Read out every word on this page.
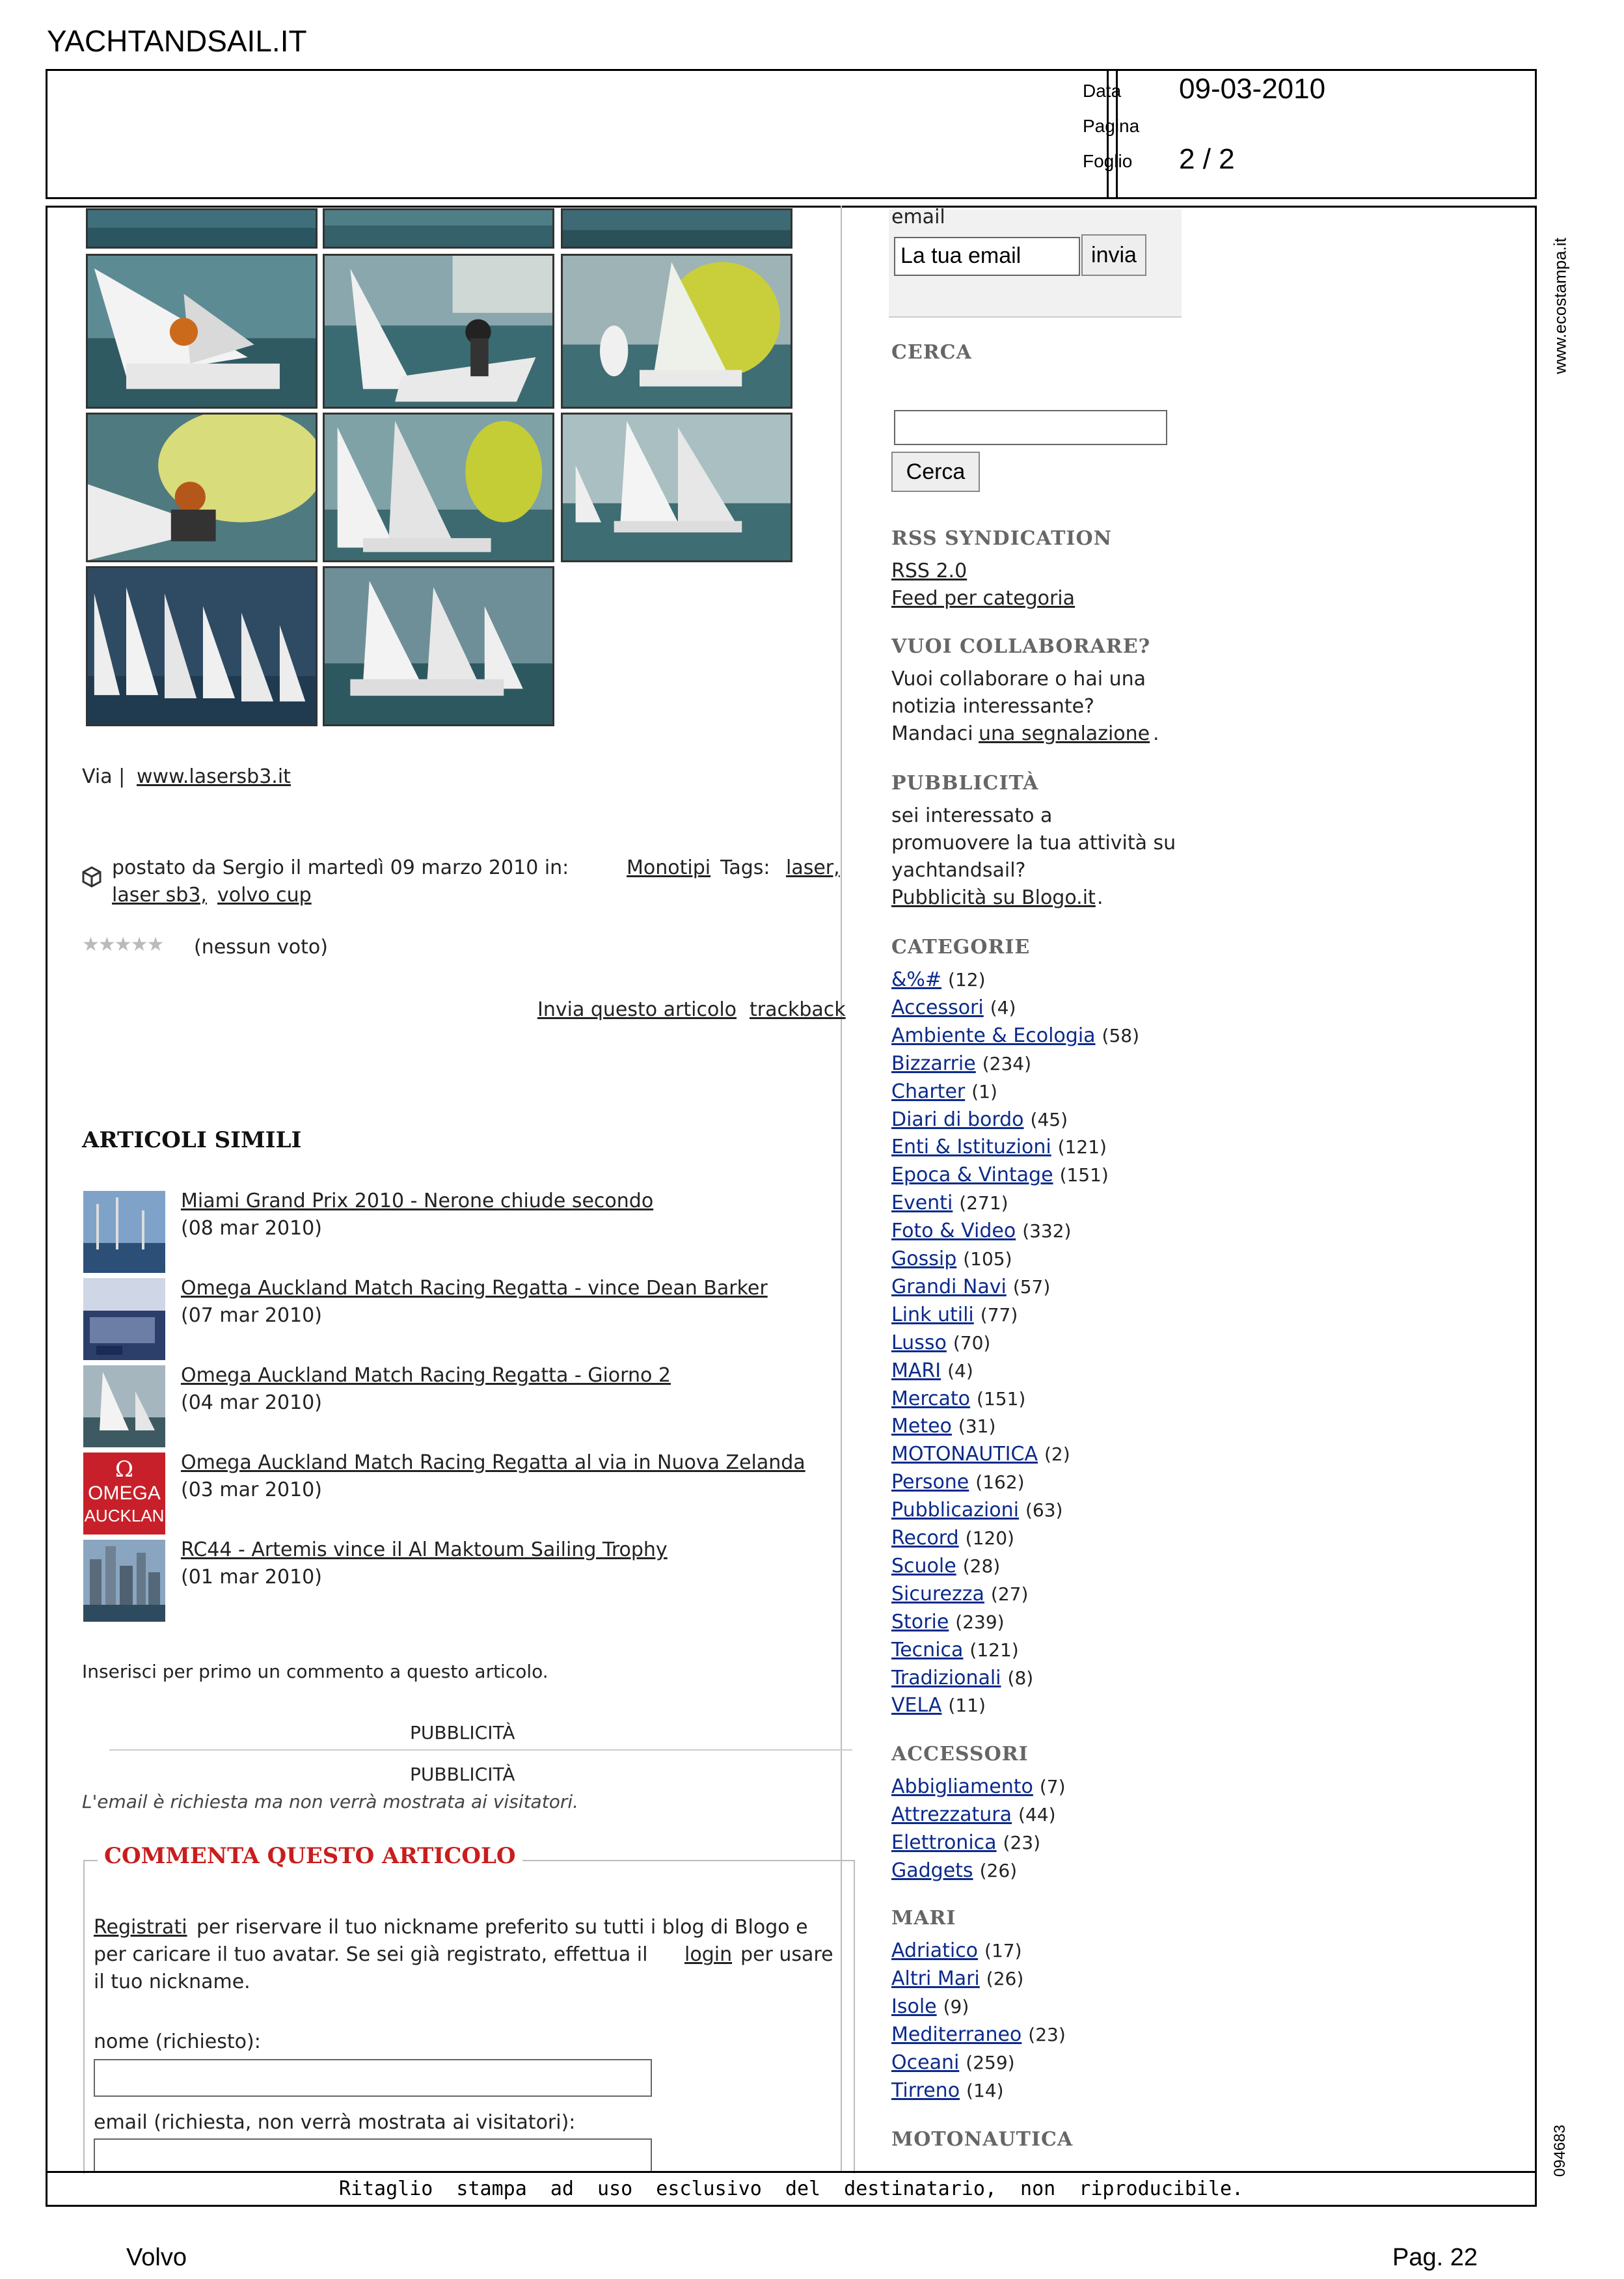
YACHTANDSAIL.IT
Data 09-03-2010
Pagina
Foglio 2 / 2
Via | www.lasersb3.it
postato da Sergio il martedì 09 marzo 2010 in:	Monotipi Tags: laser,
laser sb3, volvo cup
★★★★★ (nessun voto)
Invia questo articolo trackback
ARTICOLI SIMILI
Miami Grand Prix 2010 - Nerone chiude secondo
(08 mar 2010)
Omega Auckland Match Racing Regatta - vince Dean Barker
(07 mar 2010)
Omega Auckland Match Racing Regatta - Giorno 2
(04 mar 2010)
Ω
OMEGA
AUCKLAN
Omega Auckland Match Racing Regatta al via in Nuova Zelanda
(03 mar 2010)
RC44 - Artemis vince il Al Maktoum Sailing Trophy
(01 mar 2010)
Inserisci per primo un commento a questo articolo.
PUBBLICITÀ
PUBBLICITÀ
L'email è richiesta ma non verrà mostrata ai visitatori.
COMMENTA QUESTO ARTICOLO
Registrati per riservare il tuo nickname preferito su tutti i blog di Blogo e
per caricare il tuo avatar. Se sei già registrato, effettua il login per usare
il tuo nickname.
nome (richiesto):
email (richiesta, non verrà mostrata ai visitatori):
email
La tua email	invia
CERCA
Cerca
RSS SYNDICATION
RSS 2.0
Feed per categoria
VUOI COLLABORARE?
Vuoi collaborare o hai una
notizia interessante?
Mandaci una segnalazione .
PUBBLICITÀ
sei interessato a
promuovere la tua attività su
yachtandsail?
Pubblicità su Blogo.it .
CATEGORIE
&%# (12)
Accessori (4)
Ambiente & Ecologia (58)
Bizzarrie (234)
Charter (1)
Diari di bordo (45)
Enti & Istituzioni (121)
Epoca & Vintage (151)
Eventi (271)
Foto & Video (332)
Gossip (105)
Grandi Navi (57)
Link utili (77)
Lusso (70)
MARI (4)
Mercato (151)
Meteo (31)
MOTONAUTICA (2)
Persone (162)
Pubblicazioni (63)
Record (120)
Scuole (28)
Sicurezza (27)
Storie (239)
Tecnica (121)
Tradizionali (8)
VELA (11)
ACCESSORI
Abbigliamento (7)
Attrezzatura (44)
Elettronica (23)
Gadgets (26)
MARI
Adriatico (17)
Altri Mari (26)
Isole (9)
Mediterraneo (23)
Oceani (259)
Tirreno (14)
MOTONAUTICA
Ritaglio stampa ad uso esclusivo del destinatario, non riproducibile.
www.ecostampa.it
094683
Volvo	Pag. 22
